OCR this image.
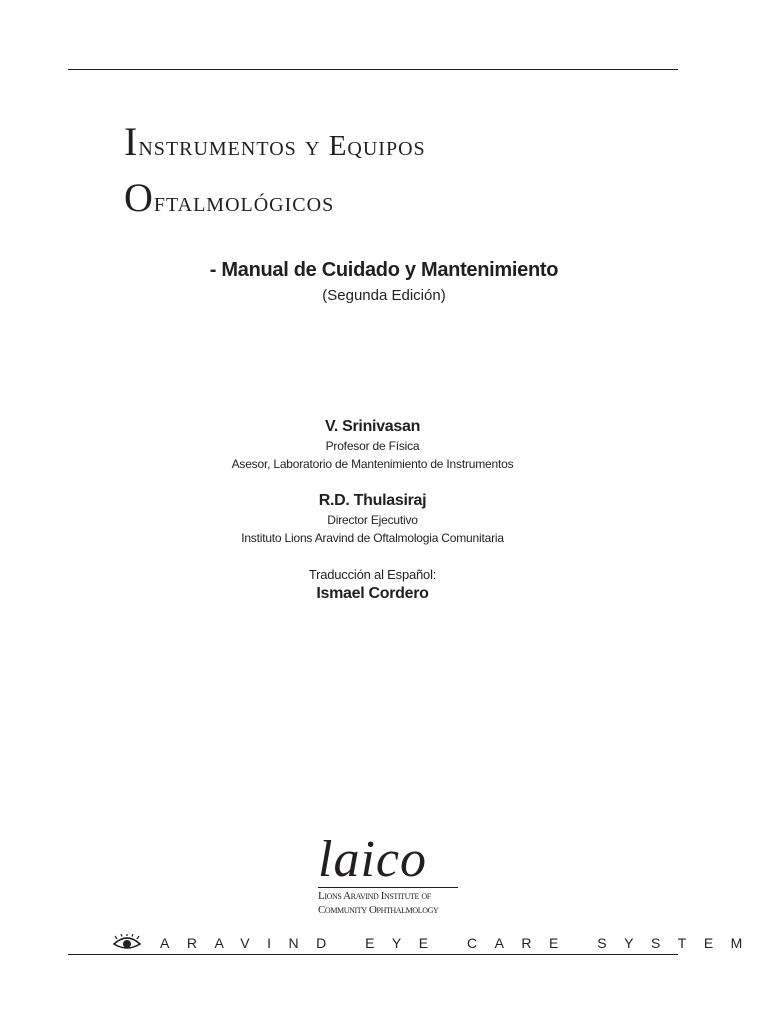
Instrumentos y Equipos
Oftalmológicos
- Manual de Cuidado y Mantenimiento
(Segunda Edición)
V. Srinivasan
Profesor de Física
Asesor, Laboratorio de Mantenimiento de Instrumentos
R.D. Thulasiraj
Director Ejecutivo
Instituto Lions Aravind de Oftalmologia Comunitaria
Traducción al Español:
Ismael Cordero
laico
Lions Aravind Institute of
Community Ophthalmology
ARAVIND EYE CARE SYSTEM
